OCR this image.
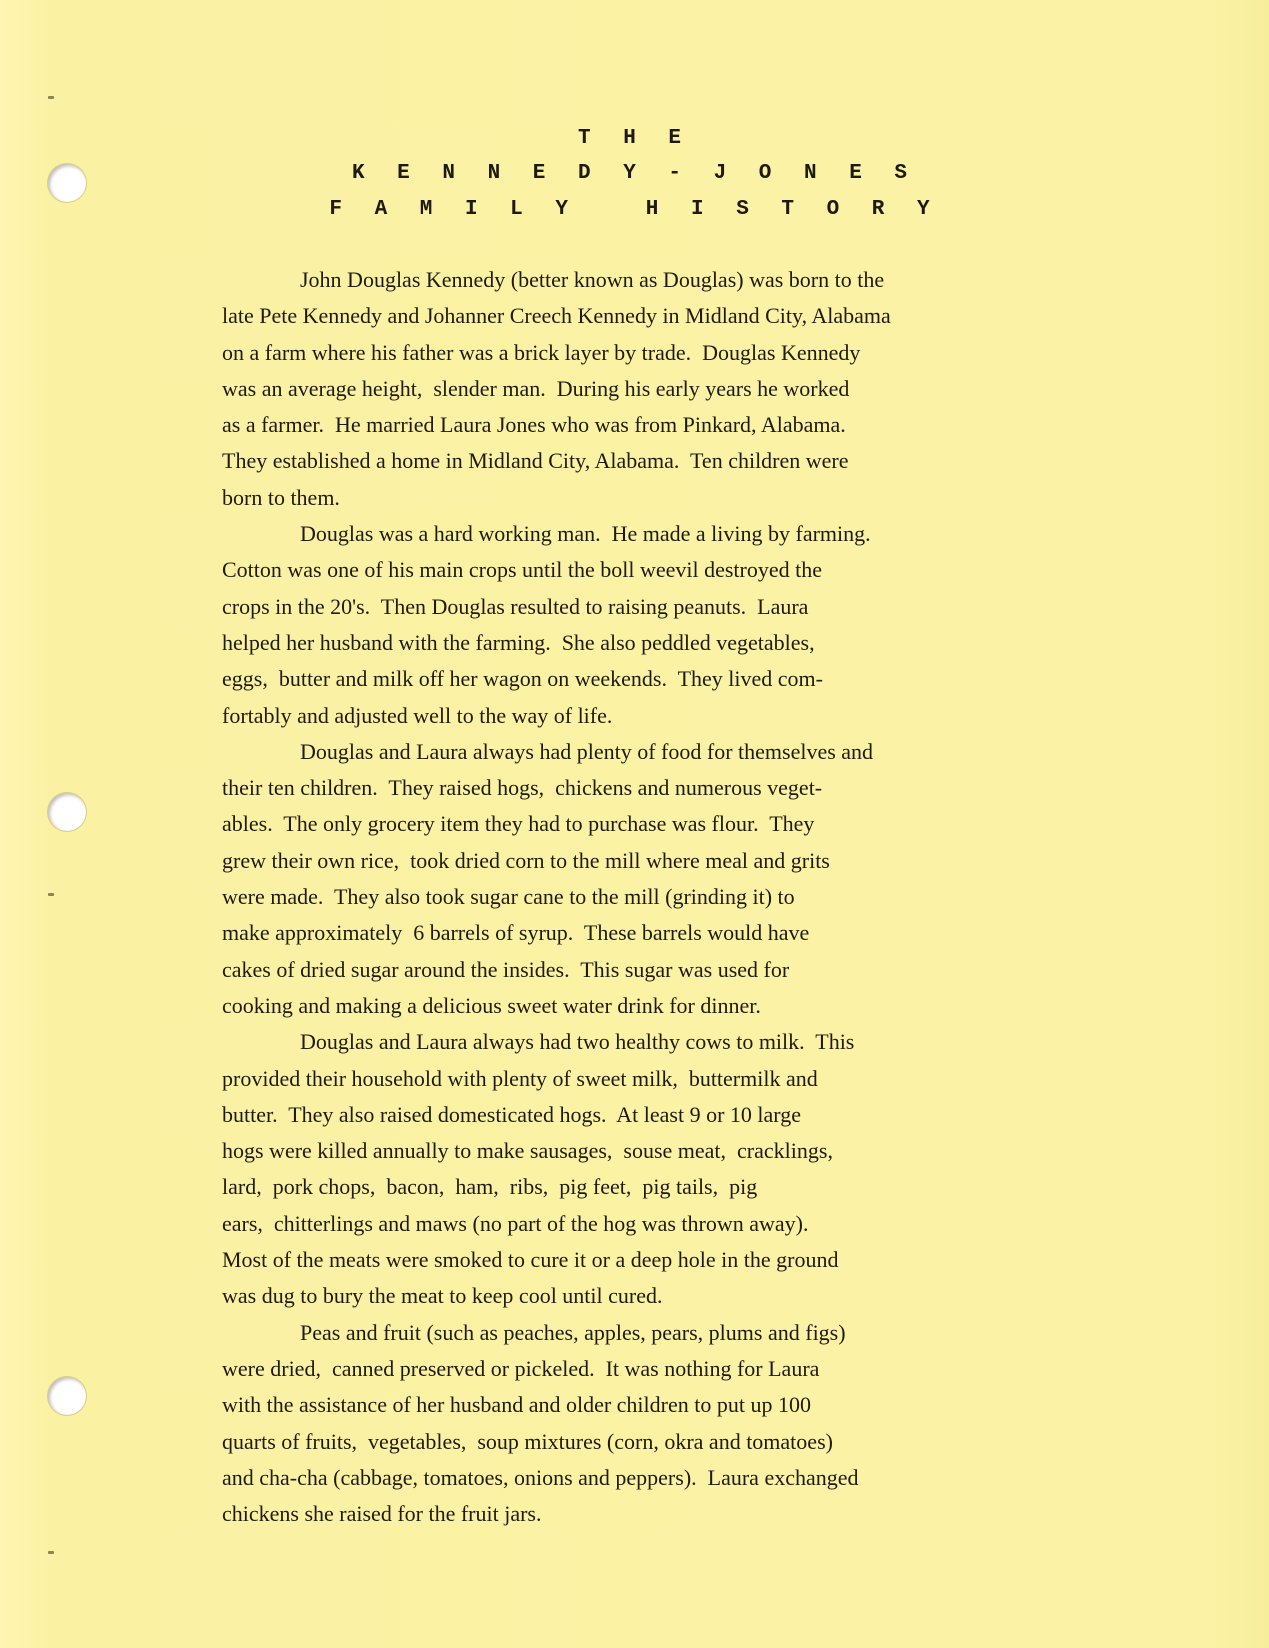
T H E
K E N N E D Y - J O N E S
F A M I L Y   H I S T O R Y
John Douglas Kennedy (better known as Douglas) was born to the
late Pete Kennedy and Johanner Creech Kennedy in Midland City, Alabama
on a farm where his father was a brick layer by trade.  Douglas Kennedy
was an average height,  slender man.  During his early years he worked
as a farmer.  He married Laura Jones who was from Pinkard, Alabama.
They established a home in Midland City, Alabama.  Ten children were
born to them.
Douglas was a hard working man.  He made a living by farming.
Cotton was one of his main crops until the boll weevil destroyed the
crops in the 20's.  Then Douglas resulted to raising peanuts.  Laura
helped her husband with the farming.  She also peddled vegetables,
eggs,  butter and milk off her wagon on weekends.  They lived com-
fortably and adjusted well to the way of life.
Douglas and Laura always had plenty of food for themselves and
their ten children.  They raised hogs,  chickens and numerous veget-
ables.  The only grocery item they had to purchase was flour.  They
grew their own rice,  took dried corn to the mill where meal and grits
were made.  They also took sugar cane to the mill (grinding it) to
make approximately  6 barrels of syrup.  These barrels would have
cakes of dried sugar around the insides.  This sugar was used for
cooking and making a delicious sweet water drink for dinner.
Douglas and Laura always had two healthy cows to milk.  This
provided their household with plenty of sweet milk,  buttermilk and
butter.  They also raised domesticated hogs.  At least 9 or 10 large
hogs were killed annually to make sausages,  souse meat,  cracklings,
lard,  pork chops,  bacon,  ham,  ribs,  pig feet,  pig tails,  pig
ears,  chitterlings and maws (no part of the hog was thrown away).
Most of the meats were smoked to cure it or a deep hole in the ground
was dug to bury the meat to keep cool until cured.
Peas and fruit (such as peaches, apples, pears, plums and figs)
were dried,  canned preserved or pickeled.  It was nothing for Laura
with the assistance of her husband and older children to put up 100
quarts of fruits,  vegetables,  soup mixtures (corn, okra and tomatoes)
and cha-cha (cabbage, tomatoes, onions and peppers).  Laura exchanged
chickens she raised for the fruit jars.
